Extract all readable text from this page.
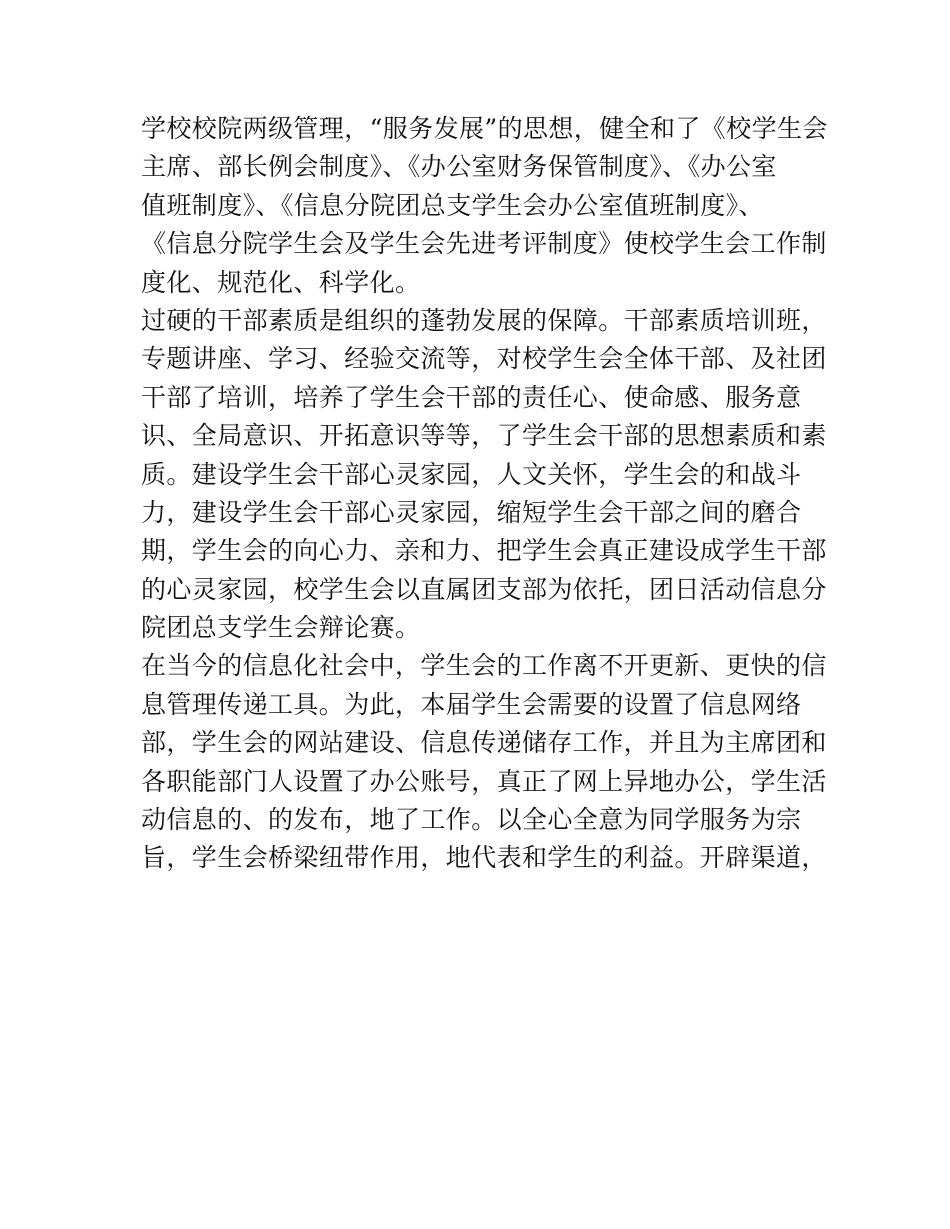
学校校院两级管理，“服务发展”的思想，健全和了《校学生会
主席、部长例会制度》、《办公室财务保管制度》、《办公室
值班制度》、《信息分院团总支学生会办公室值班制度》、
《信息分院学生会及学生会先进考评制度》使校学生会工作制
度化、规范化、科学化。
过硬的干部素质是组织的蓬勃发展的保障。干部素质培训班，
专题讲座、学习、经验交流等，对校学生会全体干部、及社团
干部了培训，培养了学生会干部的责任心、使命感、服务意
识、全局意识、开拓意识等等，了学生会干部的思想素质和素
质。建设学生会干部心灵家园，人文关怀，学生会的和战斗
力，建设学生会干部心灵家园，缩短学生会干部之间的磨合
期，学生会的向心力、亲和力、把学生会真正建设成学生干部
的心灵家园，校学生会以直属团支部为依托，团日活动信息分
院团总支学生会辩论赛。
在当今的信息化社会中，学生会的工作离不开更新、更快的信
息管理传递工具。为此，本届学生会需要的设置了信息网络
部，学生会的网站建设、信息传递储存工作，并且为主席团和
各职能部门人设置了办公账号，真正了网上异地办公，学生活
动信息的、的发布，地了工作。以全心全意为同学服务为宗
旨，学生会桥梁纽带作用，地代表和学生的利益。开辟渠道，
